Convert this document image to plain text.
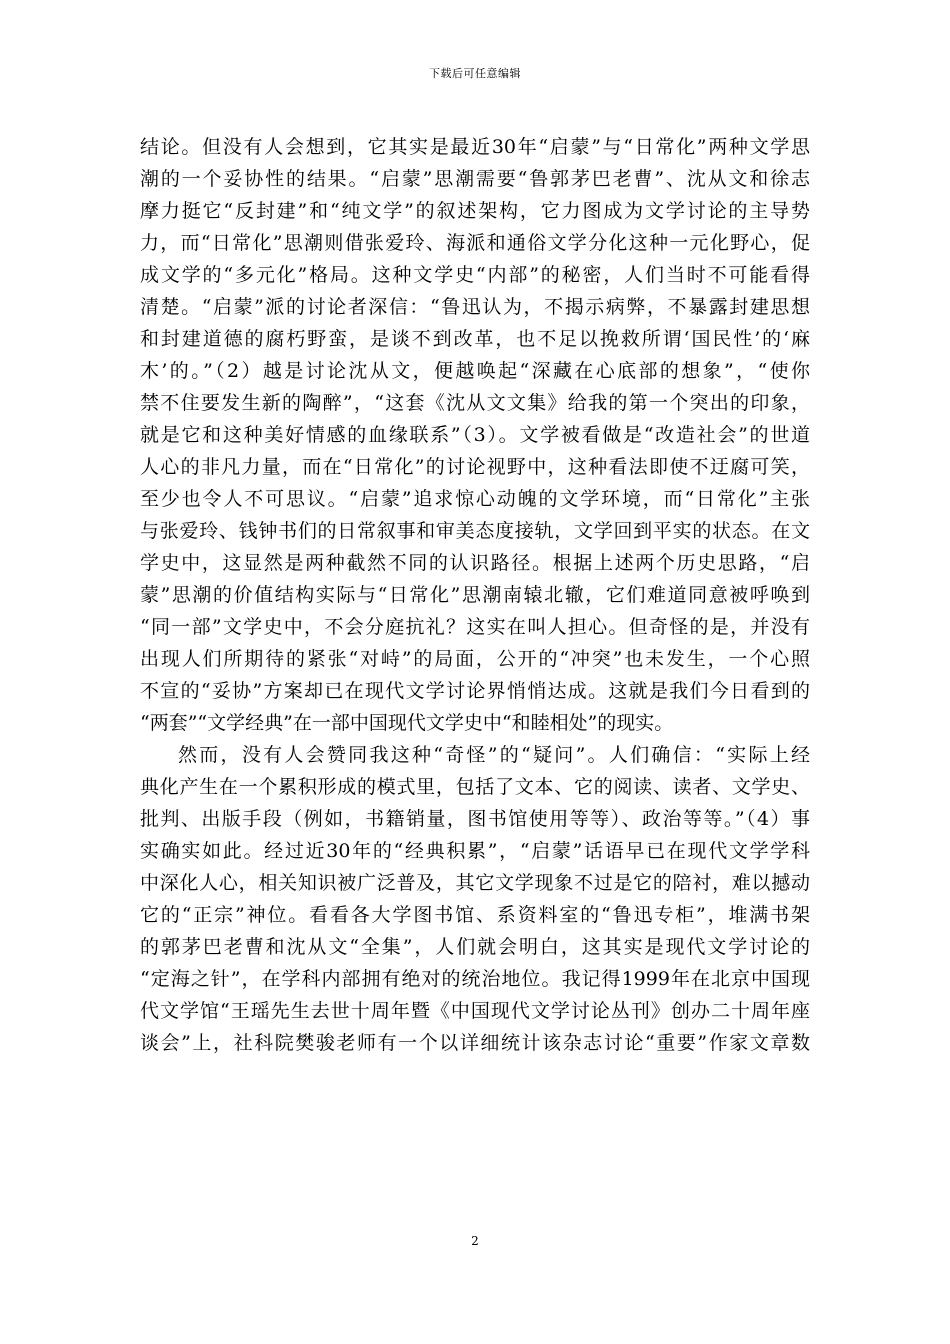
下载后可任意编辑
结论。但没有人会想到，它其实是最近30年“启蒙”与“日常化”两种文学思
潮的一个妥协性的结果。“启蒙”思潮需要“鲁郭茅巴老曹”、沈从文和徐志
摩力挺它“反封建”和“纯文学”的叙述架构，它力图成为文学讨论的主导势
力，而“日常化”思潮则借张爱玲、海派和通俗文学分化这种一元化野心，促
成文学的“多元化”格局。这种文学史“内部”的秘密，人们当时不可能看得
清楚。“启蒙”派的讨论者深信：“鲁迅认为，不揭示病弊，不暴露封建思想
和封建道德的腐朽野蛮，是谈不到改革，也不足以挽救所谓‘国民性’的‘麻
木’的。”（2）越是讨论沈从文，便越唤起“深藏在心底部的想象”，“使你
禁不住要发生新的陶醉”，“这套《沈从文文集》给我的第一个突出的印象，
就是它和这种美好情感的血缘联系”（3）。文学被看做是“改造社会”的世道
人心的非凡力量，而在“日常化”的讨论视野中，这种看法即使不迂腐可笑，
至少也令人不可思议。“启蒙”追求惊心动魄的文学环境，而“日常化”主张
与张爱玲、钱钟书们的日常叙事和审美态度接轨，文学回到平实的状态。在文
学史中，这显然是两种截然不同的认识路径。根据上述两个历史思路，“启
蒙”思潮的价值结构实际与“日常化”思潮南辕北辙，它们难道同意被呼唤到
“同一部”文学史中，不会分庭抗礼？这实在叫人担心。但奇怪的是，并没有
出现人们所期待的紧张“对峙”的局面，公开的“冲突”也未发生，一个心照
不宣的“妥协”方案却已在现代文学讨论界悄悄达成。这就是我们今日看到的
“两套”“文学经典”在一部中国现代文学史中“和睦相处”的现实。
然而，没有人会赞同我这种“奇怪”的“疑问”。人们确信：“实际上经
典化产生在一个累积形成的模式里，包括了文本、它的阅读、读者、文学史、
批判、出版手段（例如，书籍销量，图书馆使用等等）、政治等等。”（4）事
实确实如此。经过近30年的“经典积累”，“启蒙”话语早已在现代文学学科
中深化人心，相关知识被广泛普及，其它文学现象不过是它的陪衬，难以撼动
它的“正宗”神位。看看各大学图书馆、系资料室的“鲁迅专柜”，堆满书架
的郭茅巴老曹和沈从文“全集”，人们就会明白，这其实是现代文学讨论的
“定海之针”，在学科内部拥有绝对的统治地位。我记得1999年在北京中国现
代文学馆“王瑶先生去世十周年暨《中国现代文学讨论丛刊》创办二十周年座
谈会”上，社科院樊骏老师有一个以详细统计该杂志讨论“重要”作家文章数
2
